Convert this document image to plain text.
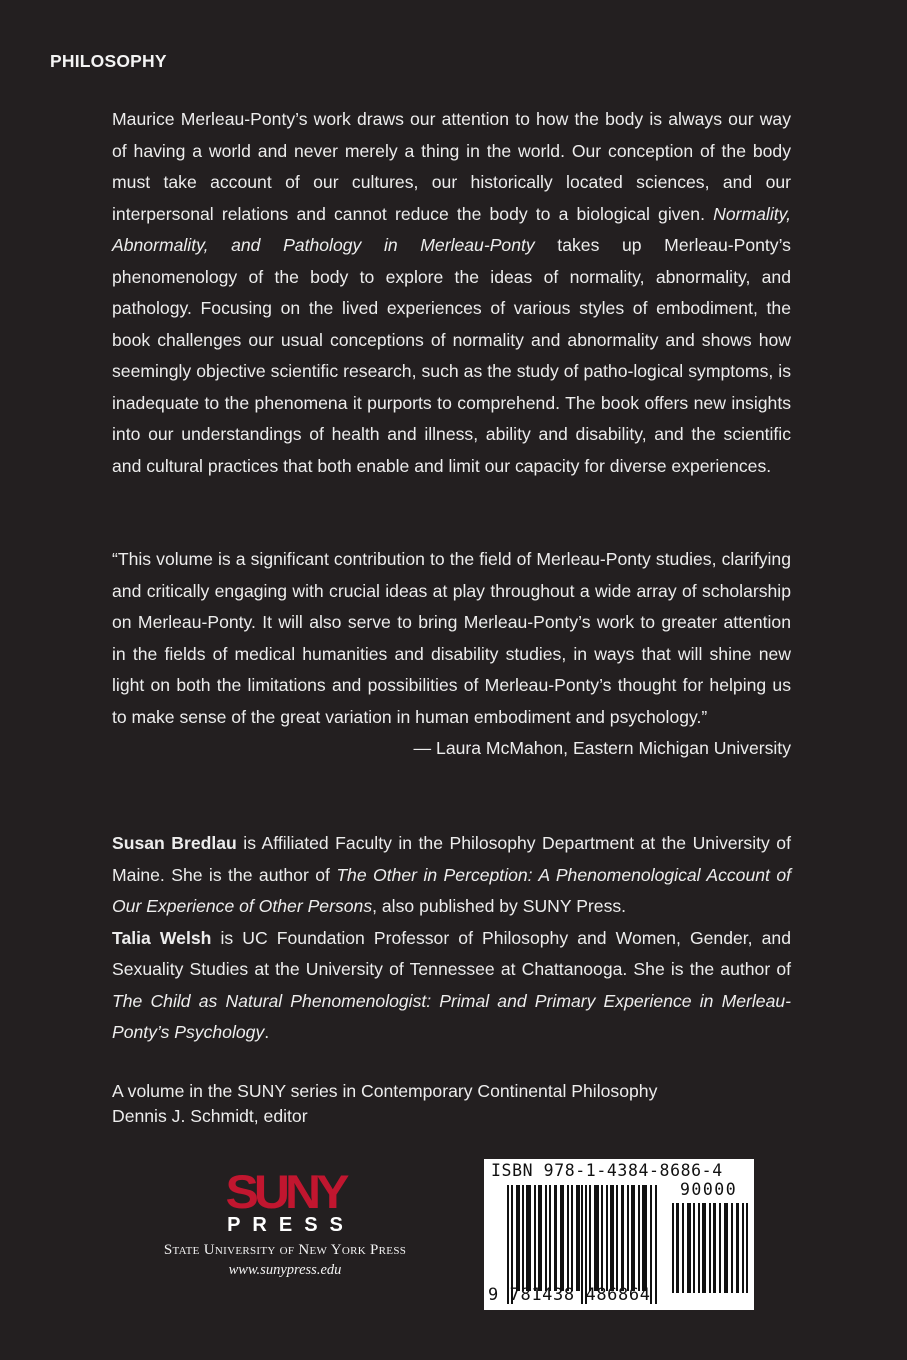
PHILOSOPHY

Maurice Merleau-Ponty’s work draws our attention to how the body is always our way of having a world and never merely a thing in the world. Our conception of the body must take account of our cultures, our historically located sciences, and our interpersonal relations and cannot reduce the body to a biological given. Normality, Abnormality, and Pathology in Merleau-Ponty takes up Merleau-Ponty’s phenomenology of the body to explore the ideas of normality, abnormality, and pathology. Focusing on the lived experiences of various styles of embodiment, the book challenges our usual conceptions of normality and abnormality and shows how seemingly objective scientific research, such as the study of patho-logical symptoms, is inadequate to the phenomena it purports to comprehend. The book offers new insights into our understandings of health and illness, ability and disability, and the scientific and cultural practices that both enable and limit our capacity for diverse experiences.

“This volume is a significant contribution to the field of Merleau-Ponty studies, clarifying and critically engaging with crucial ideas at play throughout a wide array of scholarship on Merleau-Ponty. It will also serve to bring Merleau-Ponty’s work to greater attention in the fields of medical humanities and disability studies, in ways that will shine new light on both the limitations and possibilities of Merleau-Ponty’s thought for helping us to make sense of the great variation in human embodiment and psychology.”

— Laura McMahon, Eastern Michigan University

Susan Bredlau is Affiliated Faculty in the Philosophy Department at the University of Maine. She is the author of The Other in Perception: A Phenomenological Account of Our Experience of Other Persons, also published by SUNY Press.
Talia Welsh is UC Foundation Professor of Philosophy and Women, Gender, and Sexuality Studies at the University of Tennessee at Chattanooga. She is the author of The Child as Natural Phenomenologist: Primal and Primary Experience in Merleau-Ponty’s Psychology.

A volume in the SUNY series in Contemporary Continental Philosophy
Dennis J. Schmidt, editor
SUNY
PRESS
State University of New York Press
www.sunypress.edu
ISBN 978-1-4384-8686-4
90000
9 781438 486864
